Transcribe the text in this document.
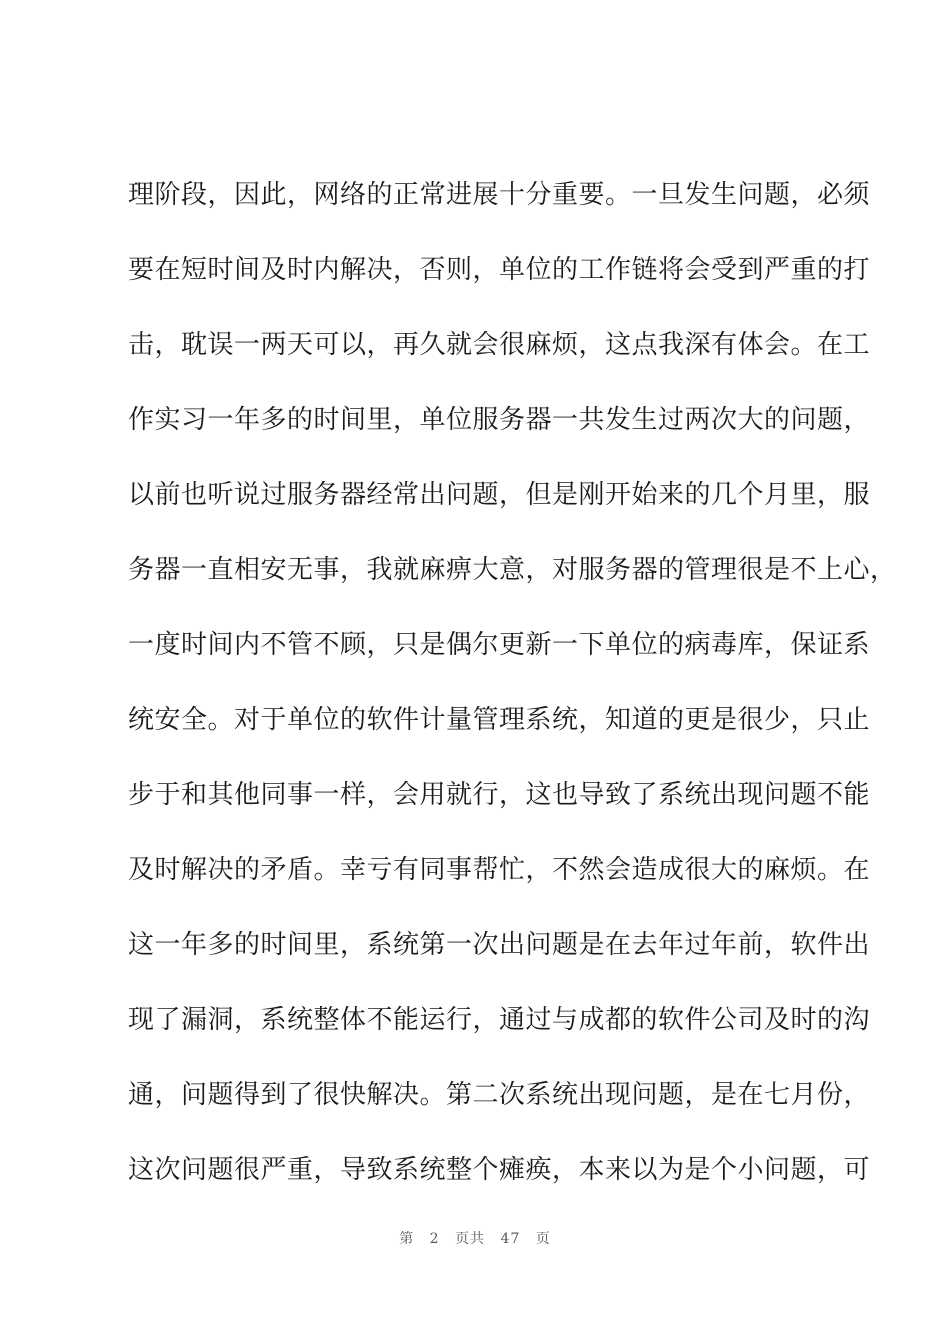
理阶段，因此，网络的正常进展十分重要。一旦发生问题，必须
要在短时间及时内解决，否则，单位的工作链将会受到严重的打
击，耽误一两天可以，再久就会很麻烦，这点我深有体会。在工
作实习一年多的时间里，单位服务器一共发生过两次大的问题，
以前也听说过服务器经常出问题，但是刚开始来的几个月里，服
务器一直相安无事，我就麻痹大意，对服务器的管理很是不上心，
一度时间内不管不顾，只是偶尔更新一下单位的病毒库，保证系
统安全。对于单位的软件计量管理系统，知道的更是很少，只止
步于和其他同事一样，会用就行，这也导致了系统出现问题不能
及时解决的矛盾。幸亏有同事帮忙，不然会造成很大的麻烦。在
这一年多的时间里，系统第一次出问题是在去年过年前，软件出
现了漏洞，系统整体不能运行，通过与成都的软件公司及时的沟
通，问题得到了很快解决。第二次系统出现问题，是在七月份，
这次问题很严重，导致系统整个瘫痪，本来以为是个小问题，可
第 2 页共 47 页
